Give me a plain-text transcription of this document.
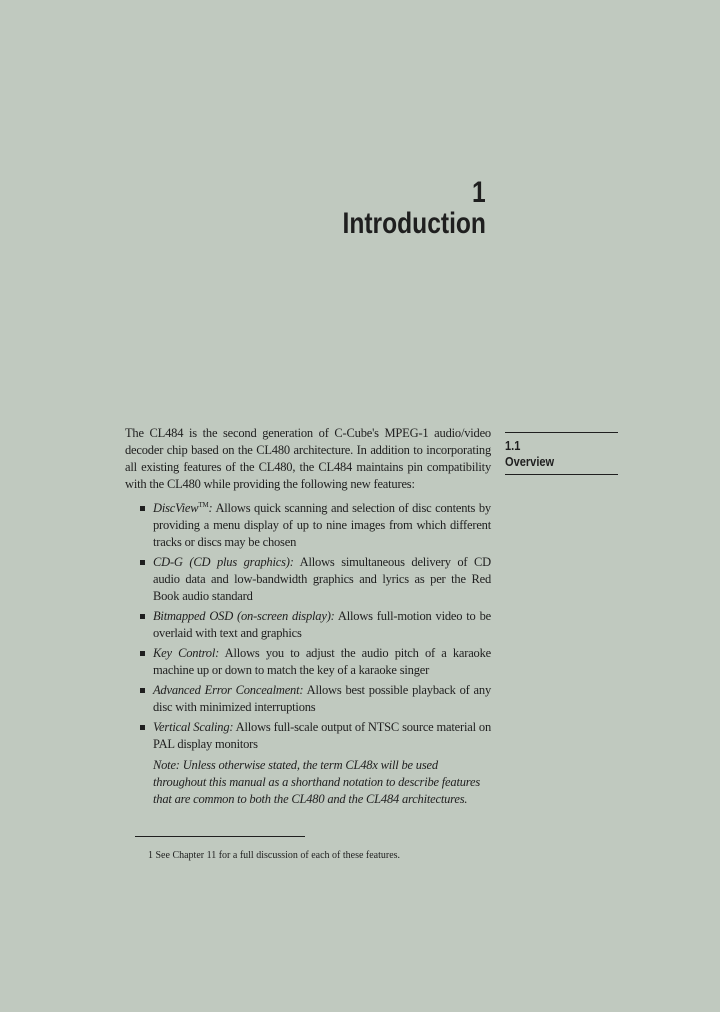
1
Introduction
1.1
Overview

The CL484 is the second generation of C-Cube's MPEG-1 audio/video decoder chip based on the CL480 architecture. In addition to incorporating all existing features of the CL480, the CL484 maintains pin compatibility with the CL480 while providing the following new features:

DiscView™: Allows quick scanning and selection of disc contents by providing a menu display of up to nine images from which different tracks or discs may be chosen
CD-G (CD plus graphics): Allows simultaneous delivery of CD audio data and low-bandwidth graphics and lyrics as per the Red Book audio standard
Bitmapped OSD (on-screen display): Allows full-motion video to be overlaid with text and graphics
Key Control: Allows you to adjust the audio pitch of a karaoke machine up or down to match the key of a karaoke singer
Advanced Error Concealment: Allows best possible playback of any disc with minimized interruptions
Vertical Scaling: Allows full-scale output of NTSC source material on PAL display monitors

Note: Unless otherwise stated, the term CL48x will be used throughout this manual as a shorthand notation to describe features that are common to both the CL480 and the CL484 architectures.

1 See Chapter 11 for a full discussion of each of these features.
